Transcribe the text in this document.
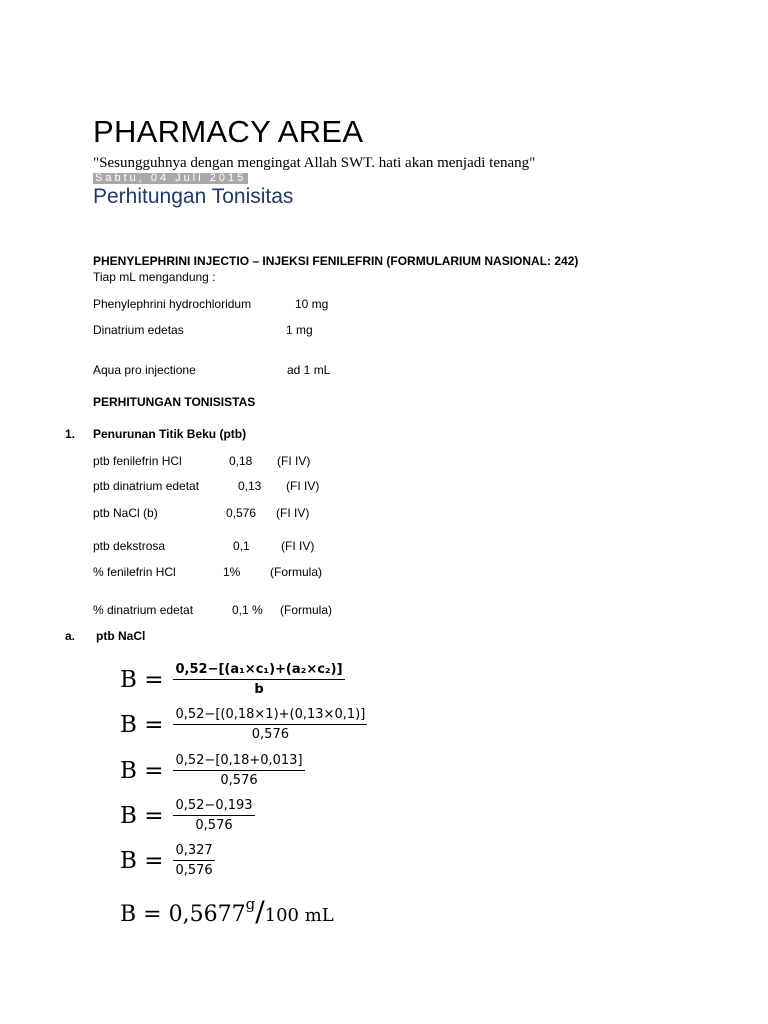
PHARMACY AREA
"Sesungguhnya dengan mengingat Allah SWT. hati akan menjadi tenang"
Sabtu, 04 Juli 2015
Perhitungan Tonisitas
PHENYLEPHRINI INJECTIO – INJEKSI FENILEFRIN (FORMULARIUM NASIONAL: 242)
Tiap mL mengandung :
Phenylephrini hydrochloridum	10 mg
Dinatrium edetas	1 mg
Aqua pro injectione	ad 1 mL
PERHITUNGAN TONISISTAS
1. Penurunan Titik Beku (ptb)
ptb fenilefrin HCl	0,18 (FI IV)
ptb dinatrium edetat	0,13 (FI IV)
ptb NaCl (b)	0,576 (FI IV)
ptb dekstrosa	0,1	(FI IV)
% fenilefrin HCl	1% (Formula)
% dinatrium edetat	0,1 % (Formula)
a. ptb NaCl
$B = \frac{\text{0,52−[(a₁×c₁)+(a₂×c₂)]}}{b}$
$B = \frac{0,52-[(0,18\times 1)+(0,13\times 0,1)]}{0,576}$
$B = \frac{0,52-[0,18+0,013]}{0,576}$
$B = \frac{0,52-0,193}{0,576}$
$B = \frac{0,327}{0,576}$
B = 0,5677$^g$/100 mL
